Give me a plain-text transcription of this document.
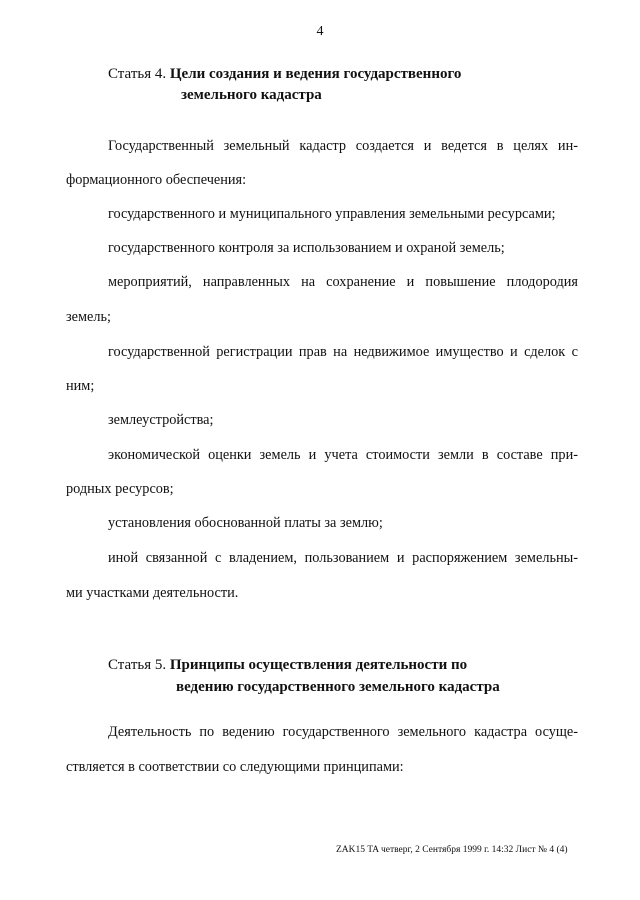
4
Статья 4. Цели создания и ведения государственного
земельного кадастра
Государственный земельный кадастр создается и ведется в целях ин-
формационного обеспечения:
государственного и муниципального управления земельными ресурсами;
государственного контроля за использованием и охраной земель;
мероприятий, направленных на сохранение и повышение плодородия
земель;
государственной регистрации прав на недвижимое имущество и сделок с
ним;
землеустройства;
экономической оценки земель и учета стоимости земли в составе при-
родных ресурсов;
установления обоснованной платы за землю;
иной связанной с владением, пользованием и распоряжением земельны-
ми участками деятельности.
Статья 5. Принципы осуществления деятельности по
ведению государственного земельного кадастра
Деятельность по ведению государственного земельного кадастра осуще-
ствляется в соответствии со следующими принципами:
ZAK15 TA четверг, 2 Сентября 1999 г. 14:32 Лист № 4 (4)
